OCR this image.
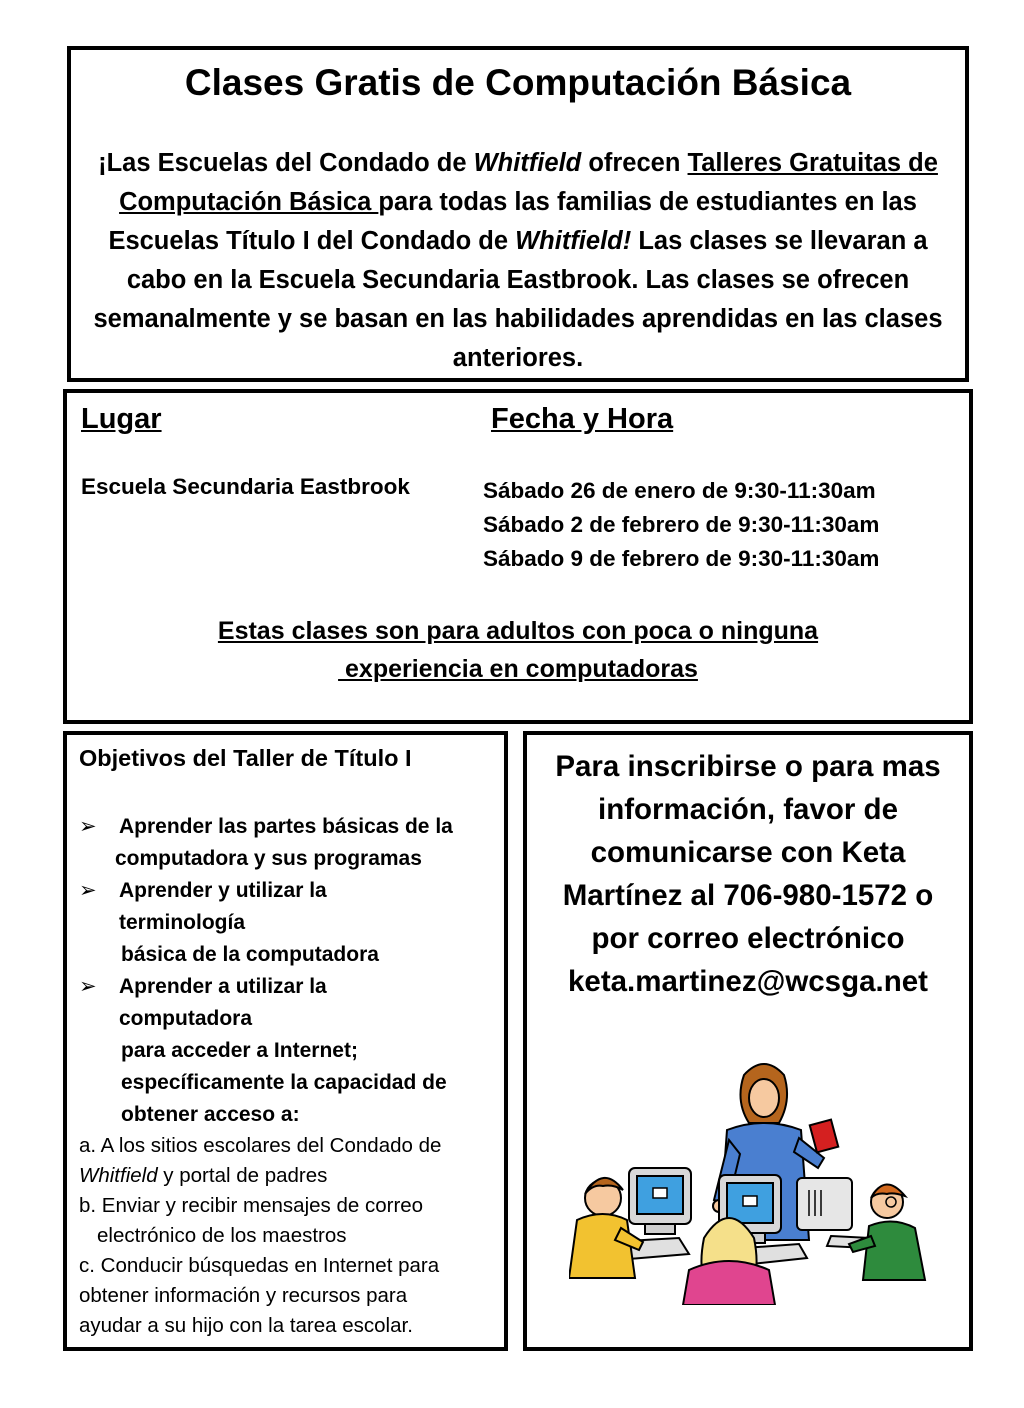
Clases Gratis de Computación Básica
¡Las Escuelas del Condado de Whitfield ofrecen Talleres Gratuitas de Computación Básica para todas las familias de estudiantes en las Escuelas Título I del Condado de Whitfield! Las clases se llevaran a cabo en la Escuela Secundaria Eastbrook. Las clases se ofrecen semanalmente y se basan en las habilidades aprendidas en las clases anteriores.
Lugar	Fecha y Hora
Escuela Secundaria Eastbrook	Sábado 26 de enero de 9:30-11:30am
Sábado 2 de febrero de 9:30-11:30am
Sábado 9 de febrero de 9:30-11:30am
Estas clases son para adultos con poca o ninguna
experiencia en computadoras
Objetivos del Taller de Título I
➢ Aprender las partes básicas de la
computadora y sus programas
➢ Aprender y utilizar la
terminología
básica de la computadora
➢ Aprender a utilizar la
computadora
para acceder a Internet;
específicamente la capacidad de
obtener acceso a:
a. A los sitios escolares del Condado de
Whitfield y portal de padres
b. Enviar y recibir mensajes de correo
electrónico de los maestros
c. Conducir búsquedas en Internet para
obtener información y recursos para
ayudar a su hijo con la tarea escolar.
Para inscribirse o para mas
información, favor de
comunicarse con Keta
Martínez al 706-980-1572 o
por correo electrónico
keta.martinez@wcsga.net
